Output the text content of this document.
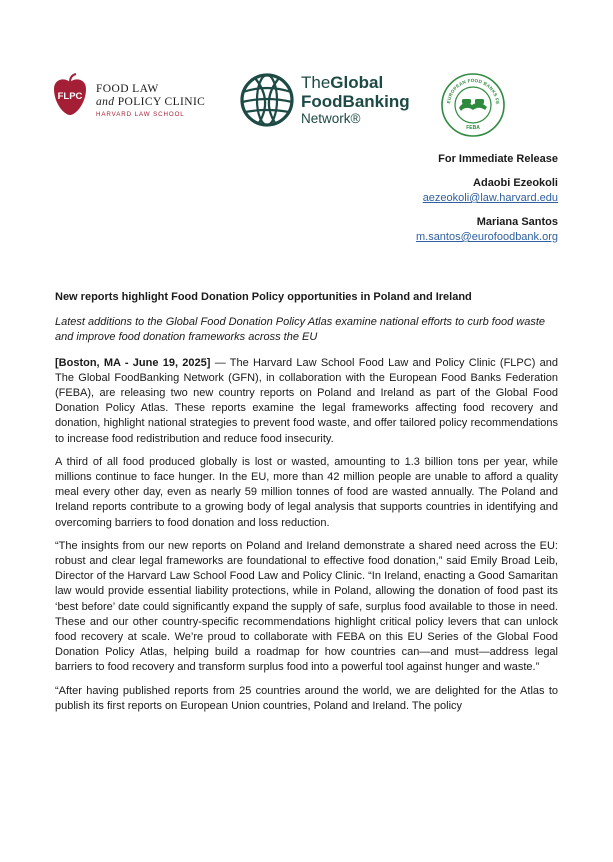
FLPC
FOOD LAW
and POLICY CLINIC
HARVARD LAW SCHOOL
TheGlobal
FoodBanking
Network®
EUROPEAN FOOD BANKS FE
FEBA
For Immediate Release
Adaobi Ezeokoli
aezeokoli@law.harvard.edu
Mariana Santos
m.santos@eurofoodbank.org

New reports highlight Food Donation Policy opportunities in Poland and Ireland

Latest additions to the Global Food Donation Policy Atlas examine national efforts to curb food waste and improve food donation frameworks across the EU

[Boston, MA - June 19, 2025] — The Harvard Law School Food Law and Policy Clinic (FLPC) and The Global FoodBanking Network (GFN), in collaboration with the European Food Banks Federation (FEBA), are releasing two new country reports on Poland and Ireland as part of the Global Food Donation Policy Atlas. These reports examine the legal frameworks affecting food recovery and donation, highlight national strategies to prevent food waste, and offer tailored policy recommendations to increase food redistribution and reduce food insecurity.

A third of all food produced globally is lost or wasted, amounting to 1.3 billion tons per year, while millions continue to face hunger. In the EU, more than 42 million people are unable to afford a quality meal every other day, even as nearly 59 million tonnes of food are wasted annually. The Poland and Ireland reports contribute to a growing body of legal analysis that supports countries in identifying and overcoming barriers to food donation and loss reduction.

“The insights from our new reports on Poland and Ireland demonstrate a shared need across the EU: robust and clear legal frameworks are foundational to effective food donation,” said Emily Broad Leib, Director of the Harvard Law School Food Law and Policy Clinic. “In Ireland, enacting a Good Samaritan law would provide essential liability protections, while in Poland, allowing the donation of food past its ‘best before’ date could significantly expand the supply of safe, surplus food available to those in need. These and our other country-specific recommendations highlight critical policy levers that can unlock food recovery at scale. We’re proud to collaborate with FEBA on this EU Series of the Global Food Donation Policy Atlas, helping build a roadmap for how countries can—and must—address legal barriers to food recovery and transform surplus food into a powerful tool against hunger and waste.”

“After having published reports from 25 countries around the world, we are delighted for the Atlas to publish its first reports on European Union countries, Poland and Ireland. The policy
